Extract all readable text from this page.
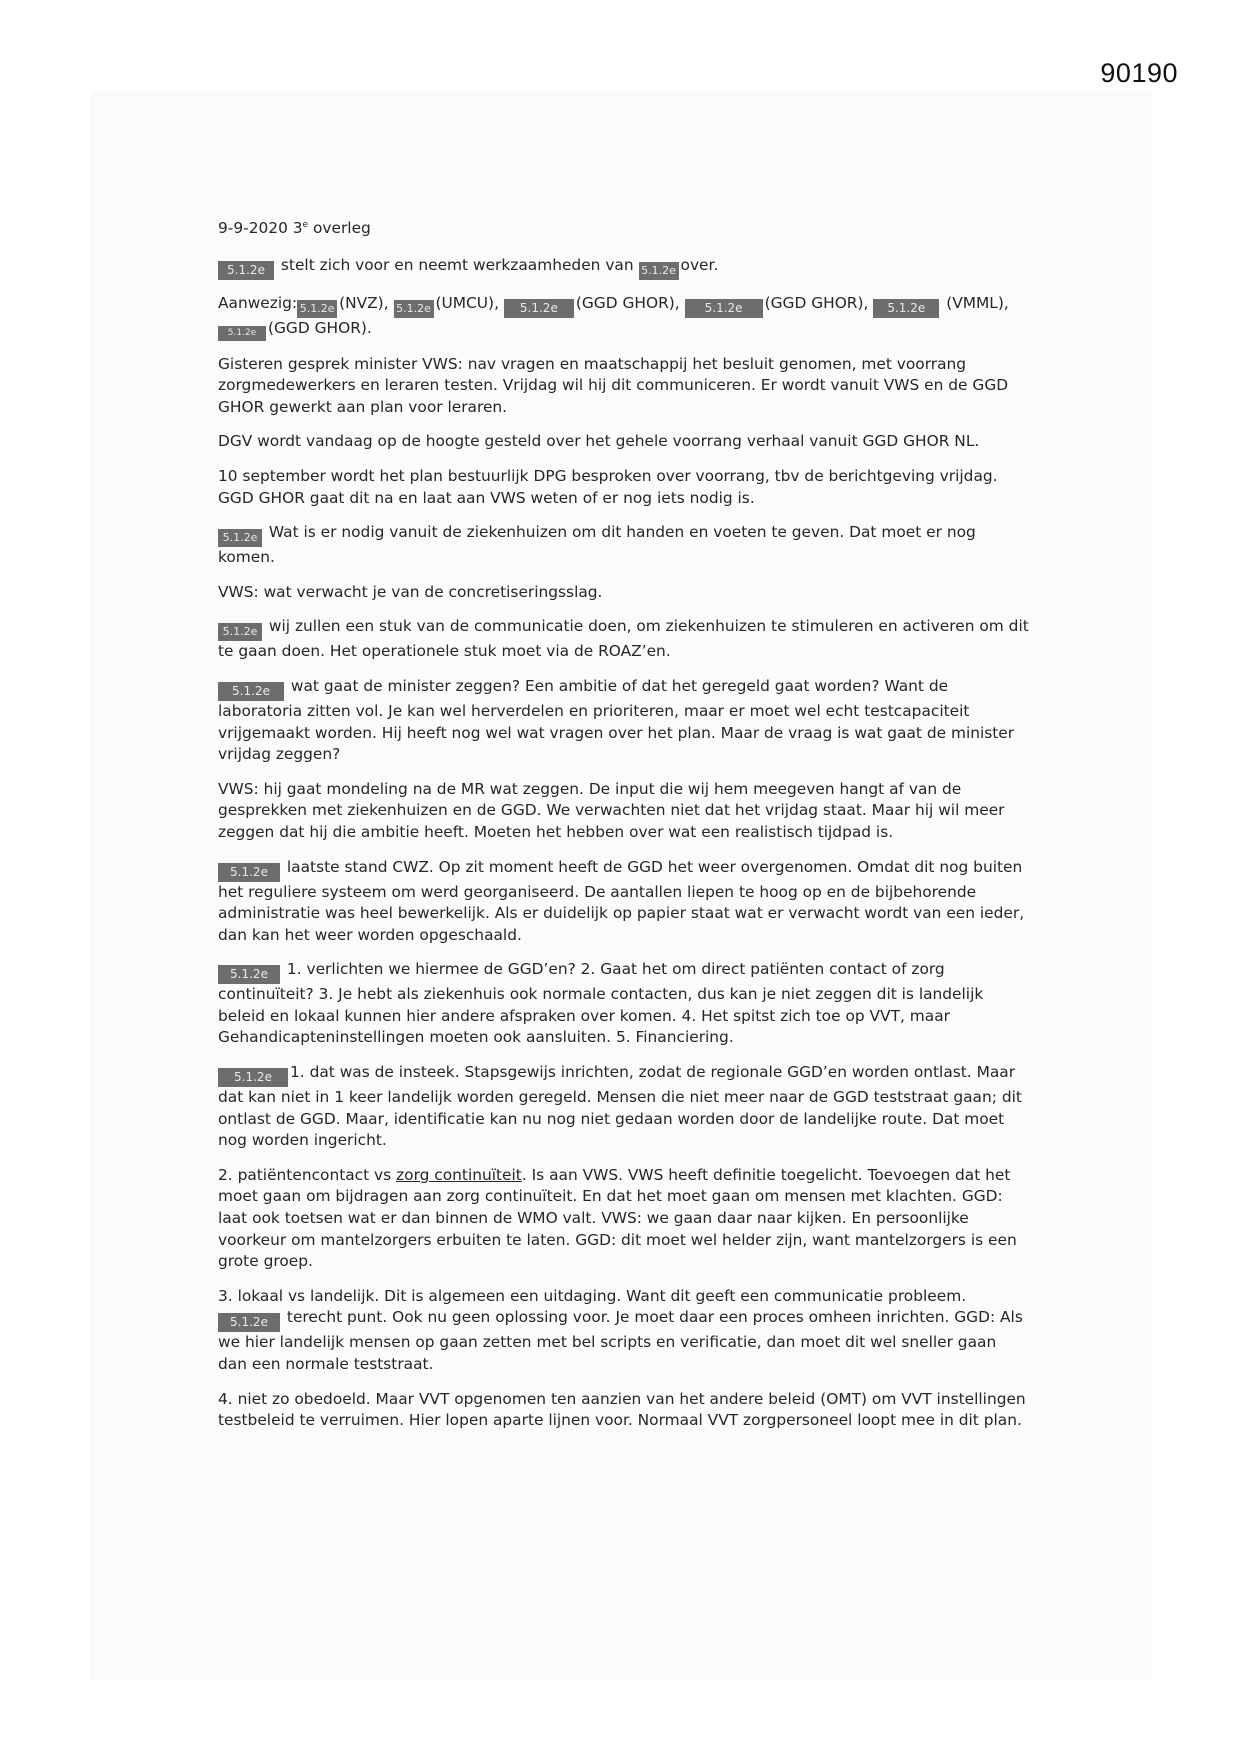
90190

9-9-2020 3e overleg

5.1.2e stelt zich voor en neemt werkzaamheden van 5.1.2e over.

Aanwezig: 5.1.2e (NVZ), 5.1.2e (UMCU), 5.1.2e (GGD GHOR), 5.1.2e (GGD GHOR), 5.1.2e (VMML), 5.1.2e (GGD GHOR).

Gisteren gesprek minister VWS: nav vragen en maatschappij het besluit genomen, met voorrang zorgmedewerkers en leraren testen. Vrijdag wil hij dit communiceren. Er wordt vanuit VWS en de GGD GHOR gewerkt aan plan voor leraren.

DGV wordt vandaag op de hoogte gesteld over het gehele voorrang verhaal vanuit GGD GHOR NL.

10 september wordt het plan bestuurlijk DPG besproken over voorrang, tbv de berichtgeving vrijdag. GGD GHOR gaat dit na en laat aan VWS weten of er nog iets nodig is.

5.1.2e Wat is er nodig vanuit de ziekenhuizen om dit handen en voeten te geven. Dat moet er nog komen.

VWS: wat verwacht je van de concretiseringsslag.

5.1.2e wij zullen een stuk van de communicatie doen, om ziekenhuizen te stimuleren en activeren om dit te gaan doen. Het operationele stuk moet via de ROAZ’en.

5.1.2e wat gaat de minister zeggen? Een ambitie of dat het geregeld gaat worden? Want de laboratoria zitten vol. Je kan wel herverdelen en prioriteren, maar er moet wel echt testcapaciteit vrijgemaakt worden. Hij heeft nog wel wat vragen over het plan. Maar de vraag is wat gaat de minister vrijdag zeggen?

VWS: hij gaat mondeling na de MR wat zeggen. De input die wij hem meegeven hangt af van de gesprekken met ziekenhuizen en de GGD. We verwachten niet dat het vrijdag staat. Maar hij wil meer zeggen dat hij die ambitie heeft. Moeten het hebben over wat een realistisch tijdpad is.

5.1.2e laatste stand CWZ. Op zit moment heeft de GGD het weer overgenomen. Omdat dit nog buiten het reguliere systeem om werd georganiseerd. De aantallen liepen te hoog op en de bijbehorende administratie was heel bewerkelijk. Als er duidelijk op papier staat wat er verwacht wordt van een ieder, dan kan het weer worden opgeschaald.

5.1.2e 1. verlichten we hiermee de GGD’en? 2. Gaat het om direct patiënten contact of zorg continuïteit? 3. Je hebt als ziekenhuis ook normale contacten, dus kan je niet zeggen dit is landelijk beleid en lokaal kunnen hier andere afspraken over komen. 4. Het spitst zich toe op VVT, maar Gehandicapteninstellingen moeten ook aansluiten. 5. Financiering.

5.1.2e 1. dat was de insteek. Stapsgewijs inrichten, zodat de regionale GGD’en worden ontlast. Maar dat kan niet in 1 keer landelijk worden geregeld. Mensen die niet meer naar de GGD teststraat gaan; dit ontlast de GGD. Maar, identificatie kan nu nog niet gedaan worden door de landelijke route. Dat moet nog worden ingericht.

2. patiëntencontact vs zorg continuïteit. Is aan VWS. VWS heeft definitie toegelicht. Toevoegen dat het moet gaan om bijdragen aan zorg continuïteit. En dat het moet gaan om mensen met klachten. GGD: laat ook toetsen wat er dan binnen de WMO valt. VWS: we gaan daar naar kijken. En persoonlijke voorkeur om mantelzorgers erbuiten te laten. GGD: dit moet wel helder zijn, want mantelzorgers is een grote groep.

3. lokaal vs landelijk. Dit is algemeen een uitdaging. Want dit geeft een communicatie probleem. 5.1.2e terecht punt. Ook nu geen oplossing voor. Je moet daar een proces omheen inrichten. GGD: Als we hier landelijk mensen op gaan zetten met bel scripts en verificatie, dan moet dit wel sneller gaan dan een normale teststraat.

4. niet zo obedoeld. Maar VVT opgenomen ten aanzien van het andere beleid (OMT) om VVT instellingen testbeleid te verruimen. Hier lopen aparte lijnen voor. Normaal VVT zorgpersoneel loopt mee in dit plan.
